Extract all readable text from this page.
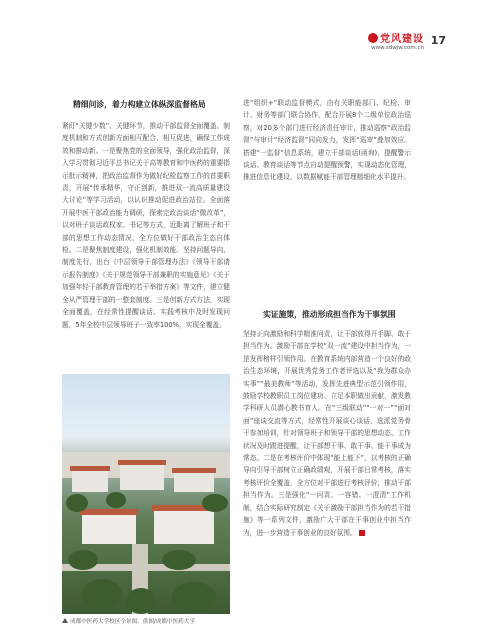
党风建设
www.sdwjw.com.cn
17
精细问诊，着力构建立体纵深监督格局

紧盯“关键少数”、关键环节，推动干部监督全面覆盖、制度机制和方式创新方面相互配合、相互促进，确保工作成效和推动新。一是聚焦党的全面领导，强化政治监督，深入学习贯彻习近平总书记关于高等教育和中医药的重要指示批示精神，把政治监督作为做好纪检监察工作的首要职责，开展“传承精华，守正创新，推进双一流高质量建设大讨论”等学习活动，以认识推动促进政治站位。全面落开展中医干部政治能力调研，探索完政治谈话“微改革”，以对班子谈话政权家、书记等方式，近距离了解班子和干部的思想工作动态情况，全方位做好干部政治生态自体检。二是聚焦制度建设，强化机制效能。坚持问题导向、制度先行，出台《中层领导干部管理办法》《领导干部请示报告制度》《关于规范领导干部兼职的实施意见》《关于加强年轻干部教育管理的若干举措方案》等文件，建立健全从严管理干部的一整套制度。三是创新方式方法，实现全面覆盖，在经常性提醒谈话、实践考核中及时发现问题，5年全校中层领导班子一致率100%，实现全覆盖。

成都中医药大学校区全景图。供图/成都中医药大学

进“组织+”联动监督模式，由有关职能部门、纪检、审计、财务等部门联合协作，配合开展8个二级单位政治巡察，对20多个部门进行经济责任审计，推动巡察“政治监督”与审计“经济监督”同向发力，发挥“巡审”叠加效应。搭建“一监督”信息系统，建立干部谈话(函询)、提醒警示谈话、教育谈话等节点自动提醒预警，实现动态化管理，推进信息化建设、以数据赋能干部管理精细化水平提升。

实证施策，推动形成担当作为干事氛围

坚持正向激励和科学精准问责，让干部放得开手脚、敢于担当作为。激励干部在学校“双一流”建设中担当作为，一是发挥榜样引领作用。在教育系统内部营造一个良好的政治生态环境，开展优秀党务工作者评选以及“我为群众办实事”“最美教师”等活动，发挥先进典型示范引领作用，鼓励学校教职员工岗位建功、立足本职做出贡献，激发教学科研人员潜心教书育人。在“三级联动”“一对一”“面对面”座谈交流等方式，经常性开展谈心谈话，选派党务骨干参加培训，针对领导班子和领导干部的思想动态、工作状况及时跟进提醒，让干部想干事、敢干事、能干事成为常态。二是在考核评价中体现“能上能下”，以考核的正确导向引导干部树立正确政绩观，开展干部日常考核，落实考核评价全覆盖，全方位对干部进行考核评价，推动干部担当作为。三是强化“一问责、一容错、一澄清”工作机制，结合实际研究制定《关于激励干部担当作为的若干措施》等一系列文件，激励广大干部在干事创业中担当作为，进一步营造干事创业的良好氛围。
